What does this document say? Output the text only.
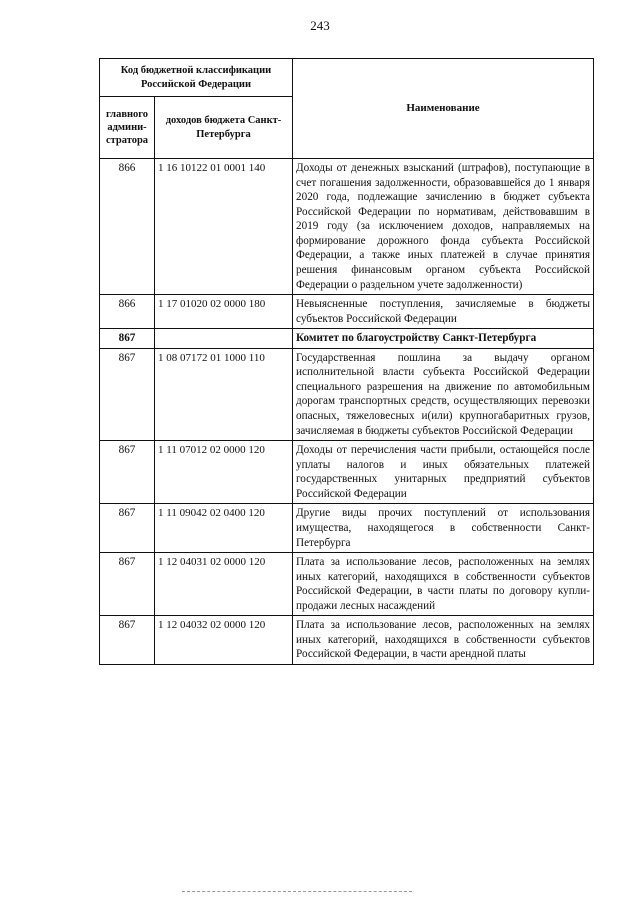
243
Код бюджетной классификации Российской Федерации		Наименование
главного админи-стратора	доходов бюджета Санкт-Петербурга	
866	1 16 10122 01 0001 140	Доходы от денежных взысканий (штрафов), поступающие в счет погашения задолженности, образовавшейся до 1 января 2020 года, подлежащие зачислению в бюджет субъекта Российской Федерации по нормативам, действовавшим в 2019 году (за исключением доходов, направляемых на формирование дорожного фонда субъекта Российской Федерации, а также иных платежей в случае принятия решения финансовым органом субъекта Российской Федерации о раздельном учете задолженности)
866	1 17 01020 02 0000 180	Невыясненные поступления, зачисляемые в бюджеты субъектов Российской Федерации
867		Комитет по благоустройству Санкт-Петербурга
867	1 08 07172 01 1000 110	Государственная пошлина за выдачу органом исполнительной власти субъекта Российской Федерации специального разрешения на движение по автомобильным дорогам транспортных средств, осуществляющих перевозки опасных, тяжеловесных и(или) крупногабаритных грузов, зачисляемая в бюджеты субъектов Российской Федерации
867	1 11 07012 02 0000 120	Доходы от перечисления части прибыли, остающейся после уплаты налогов и иных обязательных платежей государственных унитарных предприятий субъектов Российской Федерации
867	1 11 09042 02 0400 120	Другие виды прочих поступлений от использования имущества, находящегося в собственности Санкт-Петербурга
867	1 12 04031 02 0000 120	Плата за использование лесов, расположенных на землях иных категорий, находящихся в собственности субъектов Российской Федерации, в части платы по договору купли-продажи лесных насаждений
867	1 12 04032 02 0000 120	Плата за использование лесов, расположенных на землях иных категорий, находящихся в собственности субъектов Российской Федерации, в части арендной платы
